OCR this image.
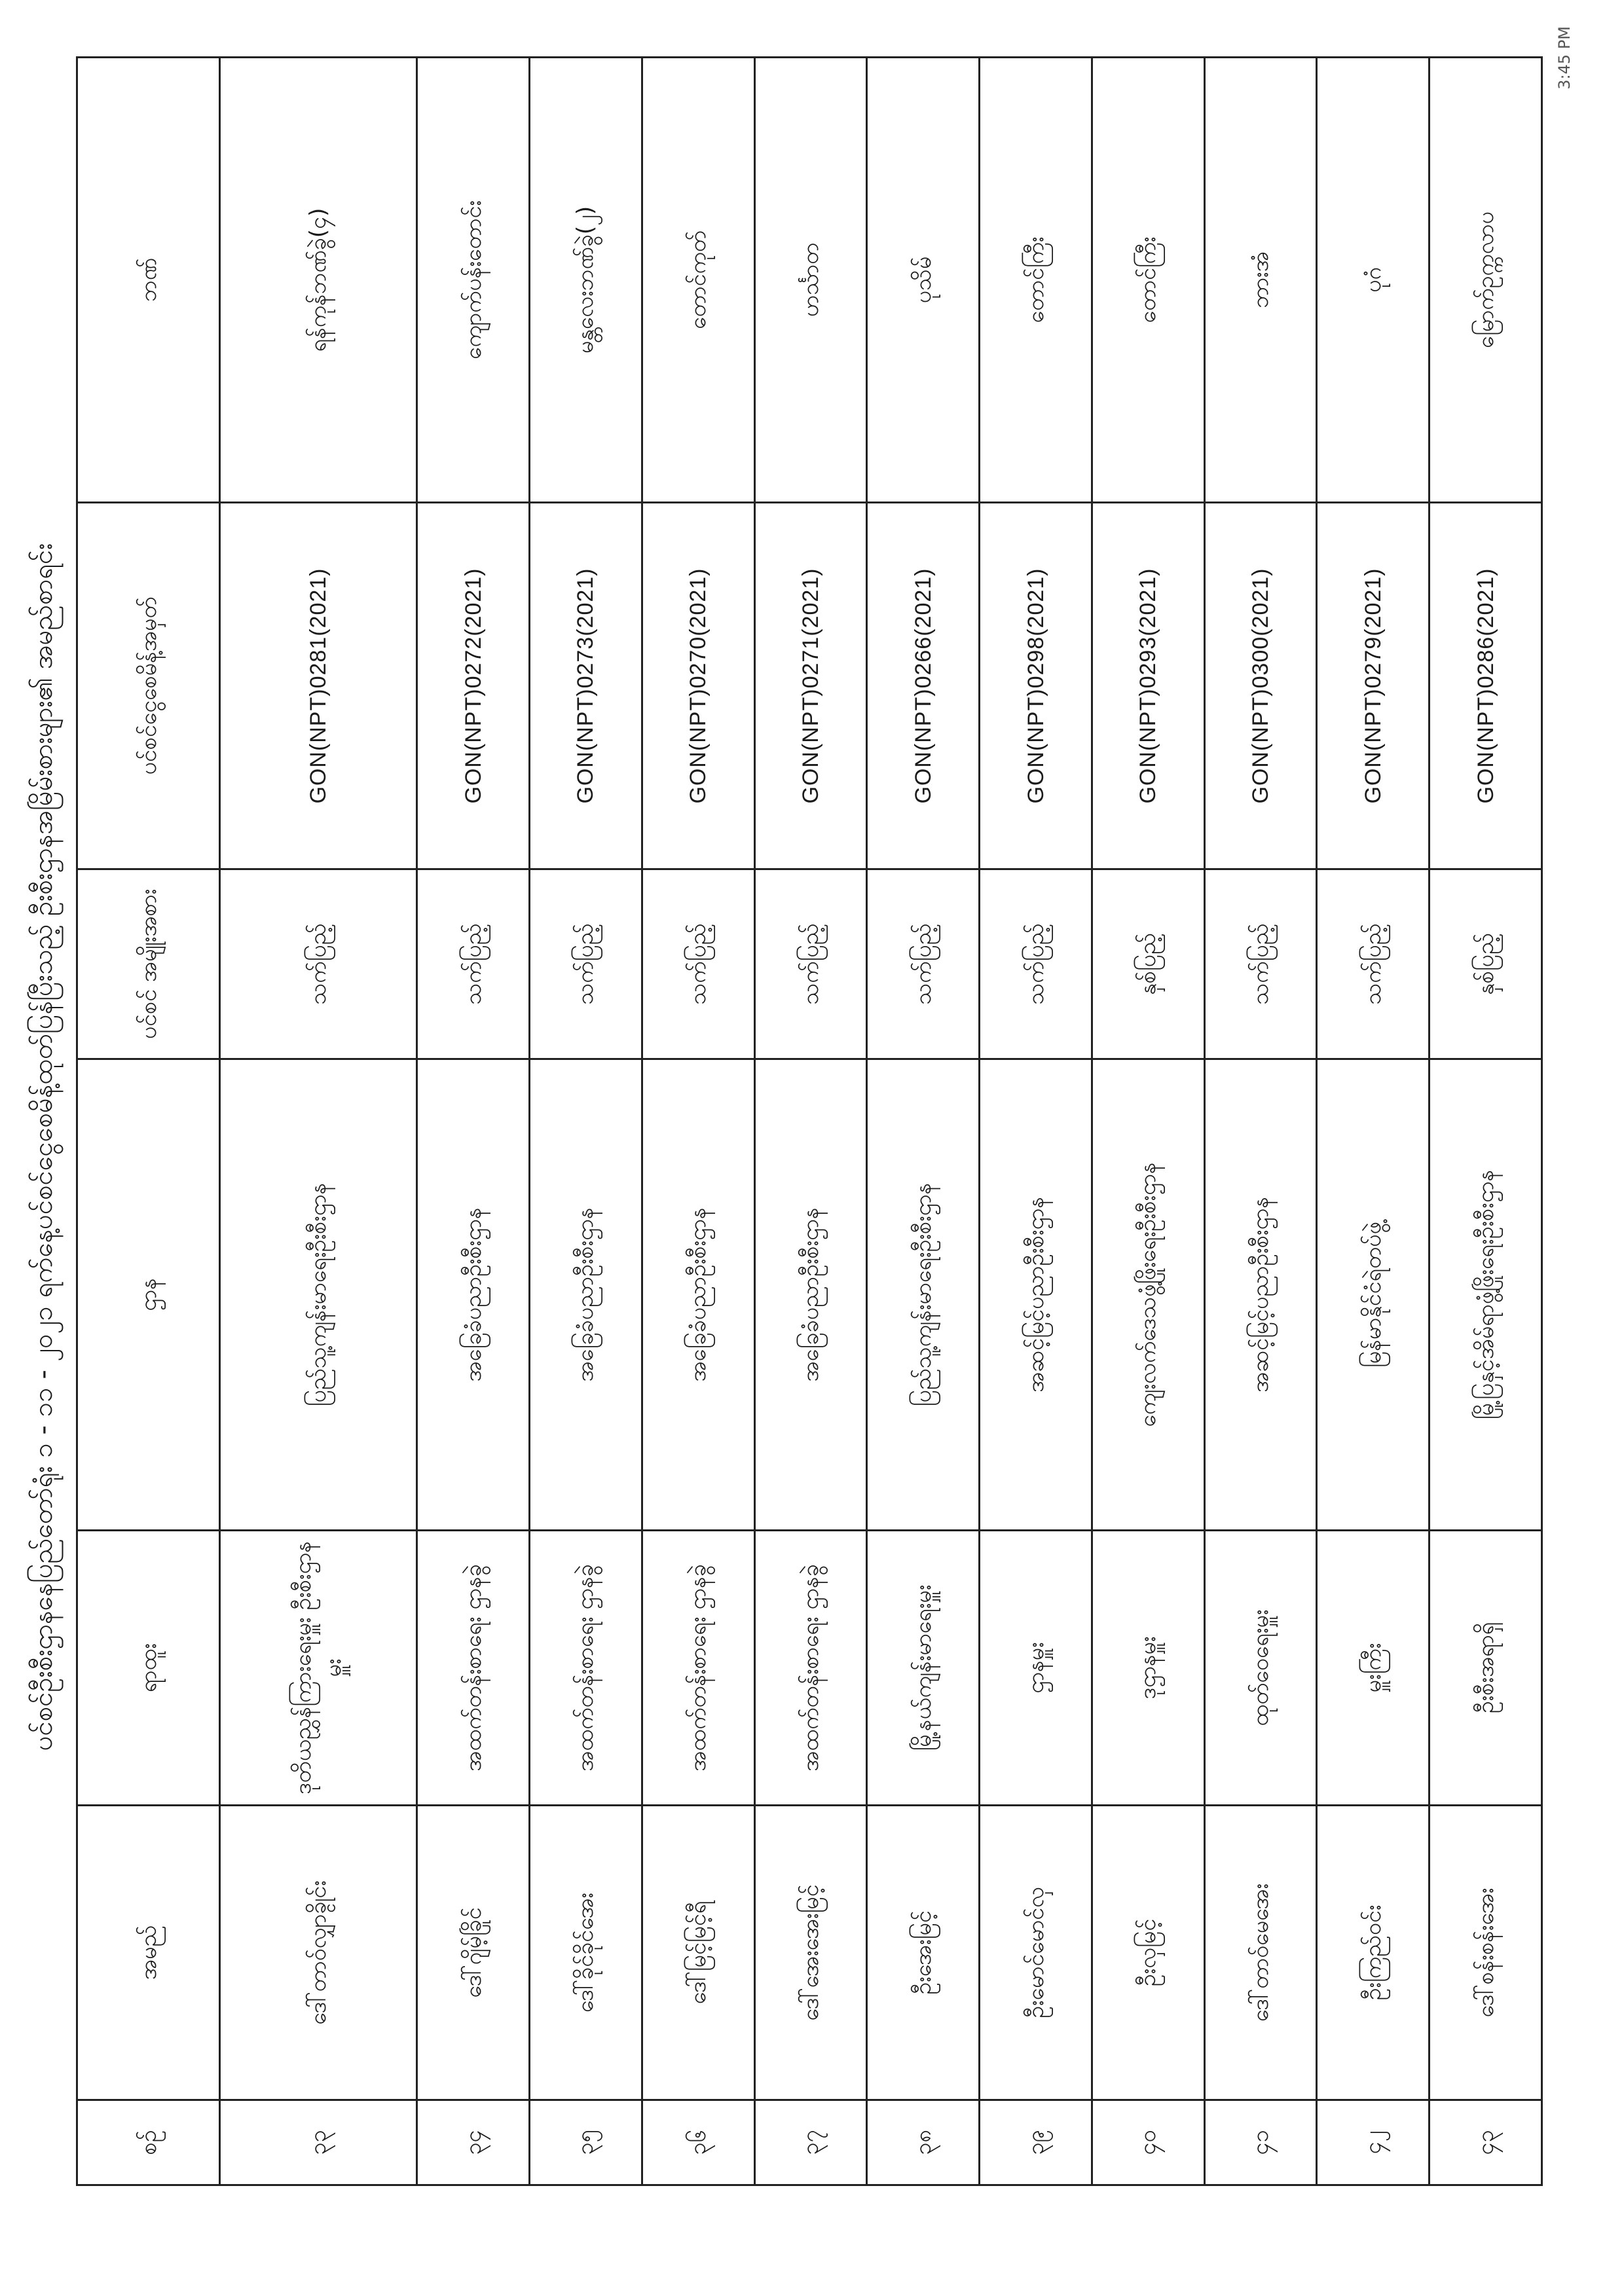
ပင်စင်ဦးစီးဌာနနေပြည်တော်ရုံး ၁ - ၁၁ - ၂၀၂၁ ရက်နေ့ပင်စင်ငွေစေမိန့်ထုတ်ပြန်ပြီးသည့် ဦးစီးဌာနအမြိမ်းစားများ၏ အမည်စာရင်း
စဉ်	အမည်	ရာထူး	ဌာန	ပင်စင် အမျိုးအစား	ပင်စင်ငွေစေမိန့်အမှတ်	ဘဏ်
၃၃	ဒေါ်တာဝ်လျှာခ္ငိုင်း	ဒုတိယညွှန်ကြားရေးမှူး ဦးစီးဌာနမှူး	ပြည်သူ့ကျန်းမာရေးဦးစီးဌာန	သက်ပြည့်	GON(NPT)0281(2021)	ရန်ကုန်ဘဏ်ခွဲ(၄)
၃၄	ဒေါ်ဂျိမ့်ခြိုင်	အထက်တန်းစာရေး ဌာနခွဲ	အခြေခံပညာဦးစီးဌာန	သက်ပြည့်	GON(NPT)0272(2021)	ကျောက်ပန်းတောင်း
၃၅	ဒေါ်ခိုင်ခိုင်အေး	အထက်တန်းစာရေး ဌာနခွဲ	အခြေခံပညာဦးစီးဌာန	သက်ပြည့်	GON(NPT)0273(2021)	မန္တလေးဘဏ်ခွဲ(၂)
၃၆	ဒေါ်မြင့်မြင့်ရီ	အထက်တန်းစာရေး ဌာနခွဲ	အခြေခံပညာဦးစီးဌာန	သက်ပြည့်	GON(NPT)0270(2021)	တောင်ကုတ်
၃၇	ဒေါ်အေးအေးမြင့်	အထက်တန်းစာရေး ဌာနခွဲ	အခြေခံပညာဦးစီးဌာန	သက်ပြည့်	GON(NPT)0271(2021)	ဟင်္သာတ
၃၈	ဦးအေးမြင့်	မြို့နယ်ကျန်းမာရေးမှူး	ပြည်သူ့ကျန်းမာရေးဦးစီးဌာန	သက်ပြည့်	GON(NPT)0266(2021)	ပုသိမ်
၃၉	ဦးမောင်မောင်လှ	ဌာနမှူး	အဆင့်မြင့်ပညာဦးစီးဌာန	သက်ပြည့်	GON(NPT)0298(2021)	တောင်ကြီး
၄၀	ဦးလှမြင့်	ဒုဌာနမှူး	ကျေးလက်ဒေသဖွံ့ဖြိုးရေးဦးစီးဌာန	နှစ်ပြည့်	GON(NPT)0293(2021)	တောင်ကြီး
၄၁	ဒေါ်တာဝ်မေအေး	ထုတ်ဝေရေးမှူး	အဆင့်မြင့်ပညာဦးစီးဌာန	သက်ပြည့်	GON(NPT)0300(2021)	ဘားအံ
၄၂	ဦးကြည်ဝင်း	မှူးကြီး	မြန်မာနိုင်ငံရဲတပ်ဖွဲ့	သက်ပြည့်	GON(NPT)0279(2021)	ပုဂံ
၄၃	ဒေါ်စန်းစန်းအေး	ဦးစီးအရာရှိ	မြို့ပြနှင့်အိမ်ရာဖွံ့ဖြိုးရေးဦးစီးဌာန	နှစ်ပြည့်	GON(NPT)0286(2021)	မြောက်ဥက္ကလာပ
3:45 PM
